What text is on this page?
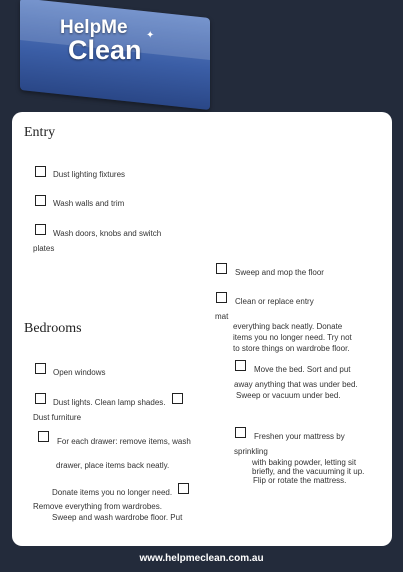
HelpMe
Clean ✦
Entry
Dust lighting fixtures
Wash walls and trim
Wash doors, knobs and switch
plates
Sweep and mop the floor
Clean or replace entry
mat
everything back neatly. Donate
items you no longer need. Try not
to store things on wardrobe floor.
Bedrooms
Open windows	Move the bed. Sort and put
away anything that was under bed.
Sweep or vacuum under bed.
Dust lights. Clean lamp shades.
Dust furniture
For each drawer: remove items, wash
Freshen your mattress by
sprinkling
with baking powder, letting sit
briefly, and the vacuuming it up.
Flip or rotate the mattress.
drawer, place items back neatly.
Donate items you no longer need.
Remove everything from wardrobes.
Sweep and wash wardrobe floor. Put
www.helpmeclean.com.au
